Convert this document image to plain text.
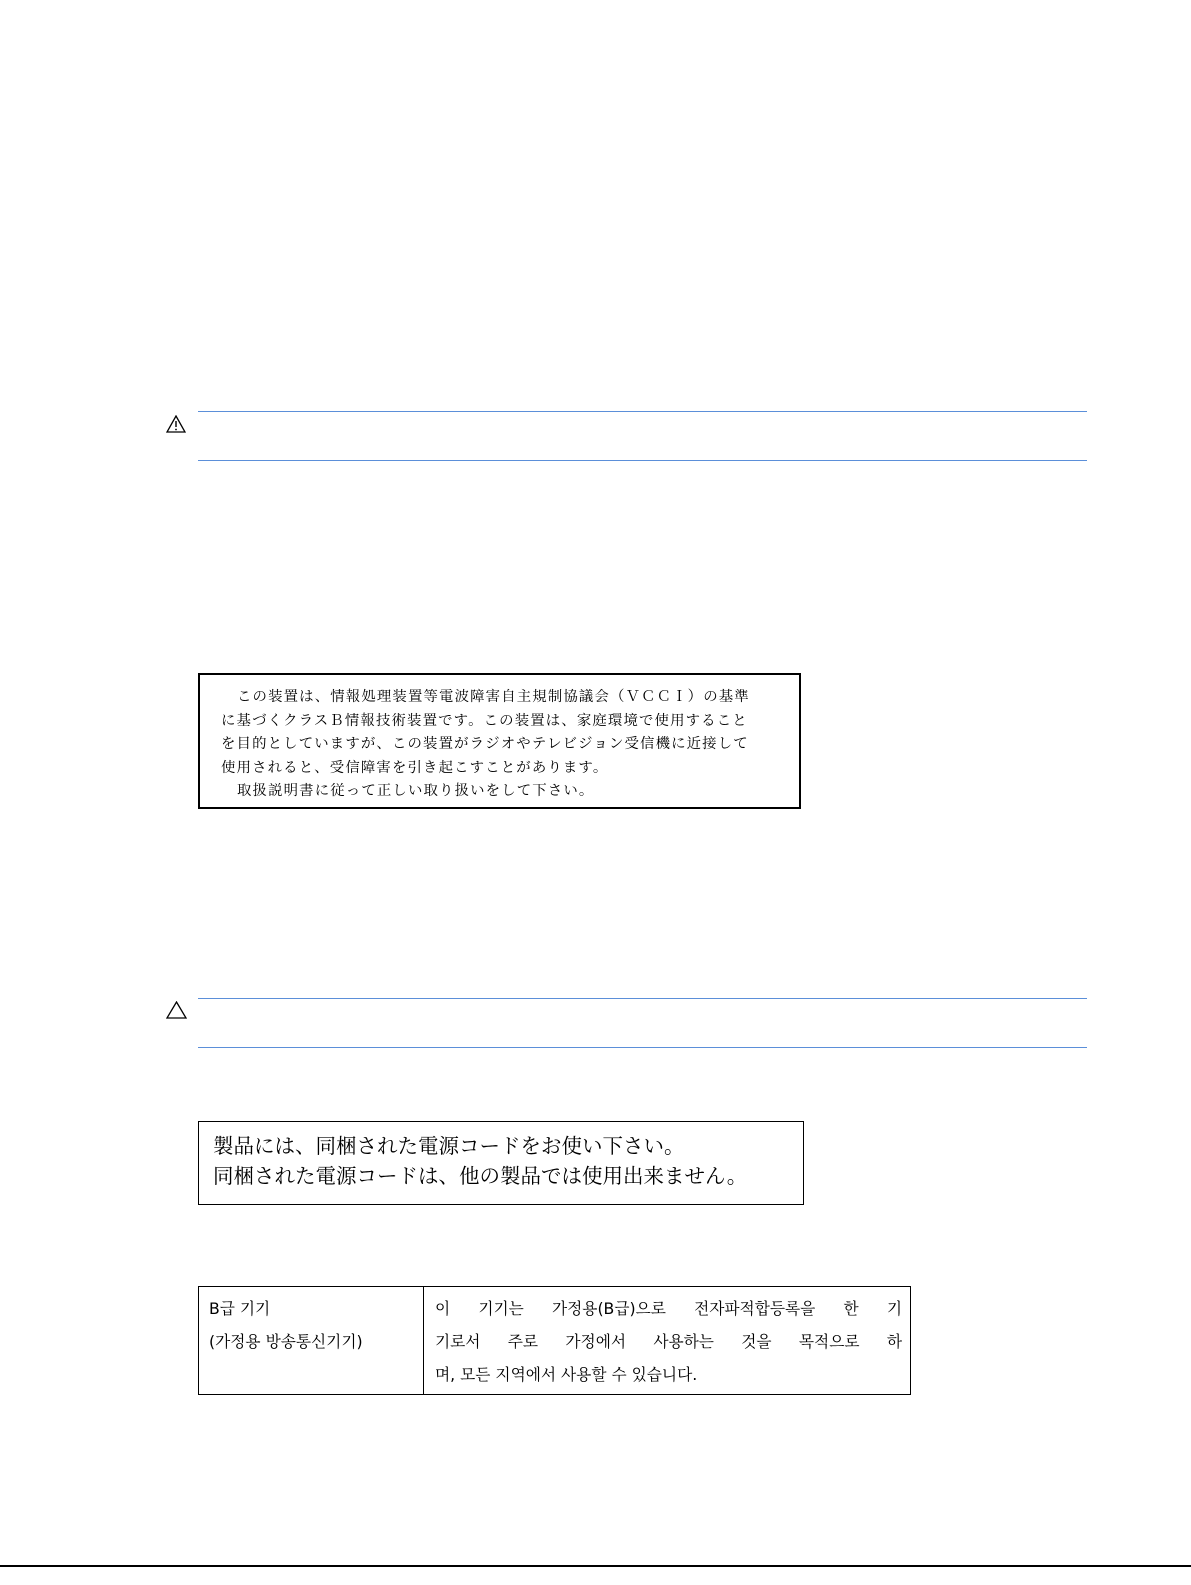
この装置は、情報処理装置等電波障害自主規制協議会（ＶＣＣＩ）の基準
に基づくクラスＢ情報技術装置です。この装置は、家庭環境で使用すること
を目的としていますが、この装置がラジオやテレビジョン受信機に近接して
使用されると、受信障害を引き起こすことがあります。
取扱説明書に従って正しい取り扱いをして下さい。
製品には、同梱された電源コードをお使い下さい。
同梱された電源コードは、他の製品では使用出来ません。
B급 기기
(가정용 방송통신기기)
이 기기는 가정용(B급)으로 전자파적합등록을 한 기
기로서 주로 가정에서 사용하는 것을 목적으로 하
며, 모든 지역에서 사용할 수 있습니다.
